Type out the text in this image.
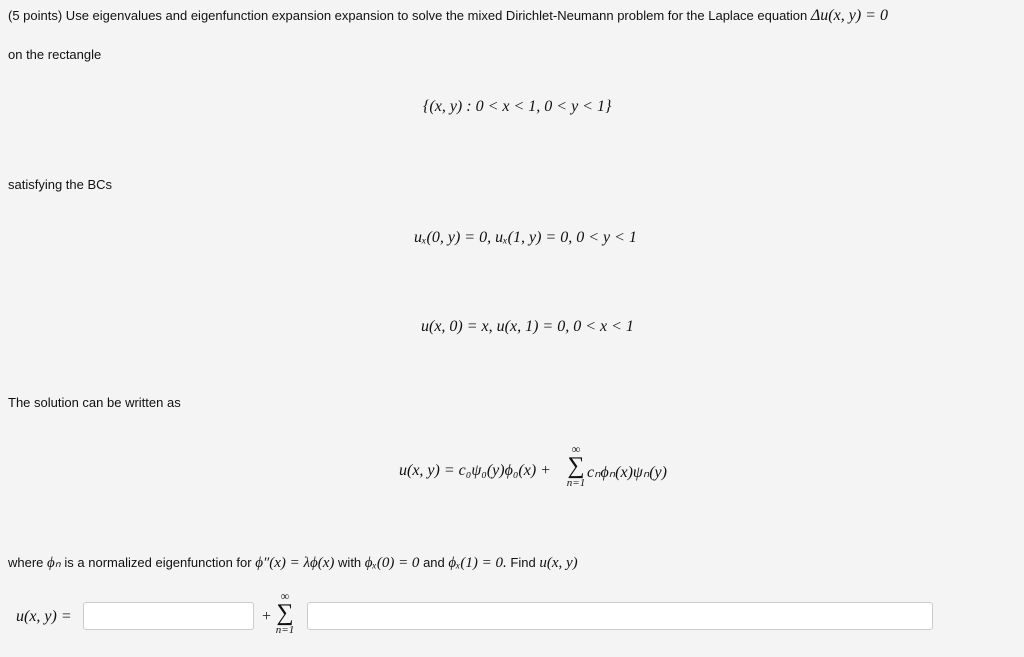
(5 points) Use eigenvalues and eigenfunction expansion expansion to solve the mixed Dirichlet-Neumann problem for the Laplace equation Δu(x, y) = 0
on the rectangle
{(x, y) : 0 < x < 1, 0 < y < 1}
satisfying the BCs
uₓ(0, y) = 0, uₓ(1, y) = 0, 0 < y < 1
u(x, 0) = x, u(x, 1) = 0, 0 < x < 1
The solution can be written as
u(x, y) = c₀ψ₀(y)ϕ₀(x) +
∞
∑
n=1
cₙϕₙ(x)ψₙ(y)
where ϕₙ is a normalized eigenfunction for ϕ″(x) = λϕ(x) with ϕₓ(0) = 0 and ϕₓ(1) = 0. Find u(x, y)
u(x, y) =	+
∞
∑
n=1
